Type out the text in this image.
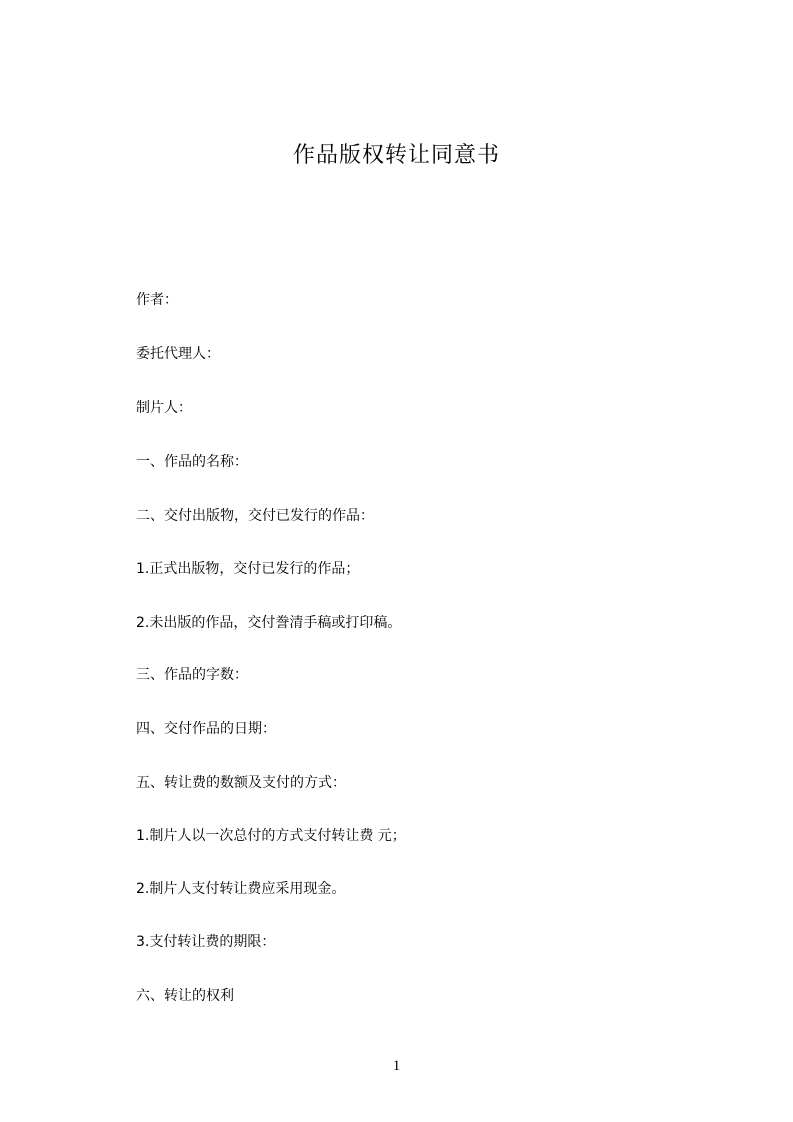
作品版权转让同意书
作者：
委托代理人：
制片人：
一、作品的名称：
二、交付出版物，交付已发行的作品：
1.正式出版物，交付已发行的作品；
2.未出版的作品，交付誊清手稿或打印稿。
三、作品的字数：
四、交付作品的日期：
五、转让费的数额及支付的方式：
1.制片人以一次总付的方式支付转让费 元；
2.制片人支付转让费应采用现金。
3.支付转让费的期限：
六、转让的权利
1
